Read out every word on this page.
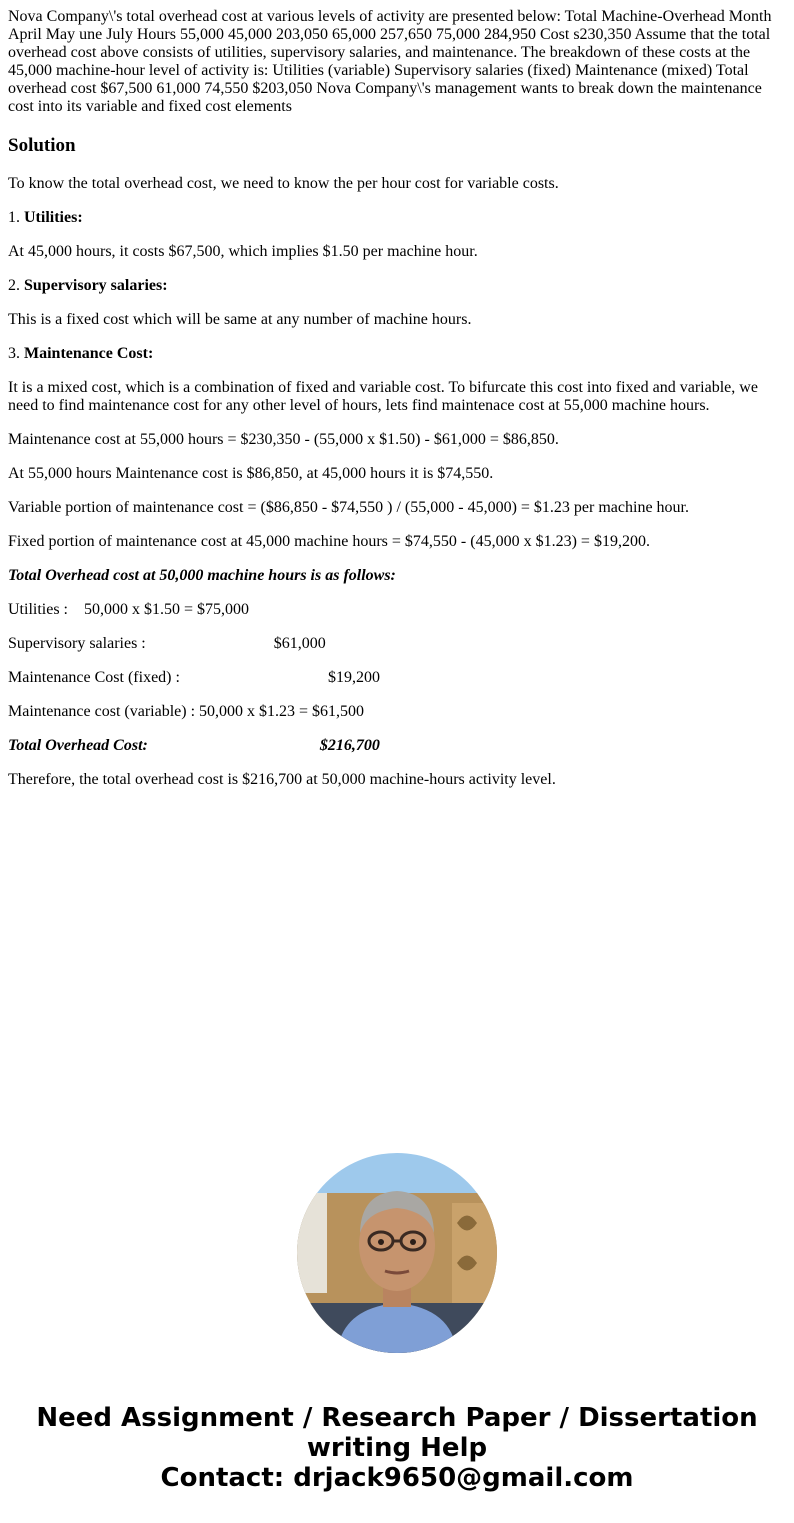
Nova Company\'s total overhead cost at various levels of activity are presented below: Total Machine-Overhead Month April May une July Hours 55,000 45,000 203,050 65,000 257,650 75,000 284,950 Cost s230,350 Assume that the total overhead cost above consists of utilities, supervisory salaries, and maintenance. The breakdown of these costs at the 45,000 machine-hour level of activity is: Utilities (variable) Supervisory salaries (fixed) Maintenance (mixed) Total overhead cost $67,500 61,000 74,550 $203,050 Nova Company\'s management wants to break down the maintenance cost into its variable and fixed cost elements

Solution

To know the total overhead cost, we need to know the per hour cost for variable costs.

1. Utilities:

At 45,000 hours, it costs $67,500, which implies $1.50 per machine hour.

2. Supervisory salaries:

This is a fixed cost which will be same at any number of machine hours.

3. Maintenance Cost:

It is a mixed cost, which is a combination of fixed and variable cost. To bifurcate this cost into fixed and variable, we need to find maintenance cost for any other level of hours, lets find maintenace cost at 55,000 machine hours.

Maintenance cost at 55,000 hours = $230,350 - (55,000 x $1.50) - $61,000 = $86,850.

At 55,000 hours Maintenance cost is $86,850, at 45,000 hours it is $74,550.

Variable portion of maintenance cost = ($86,850 - $74,550 ) / (55,000 - 45,000) = $1.23 per machine hour.

Fixed portion of maintenance cost at 45,000 machine hours = $74,550 - (45,000 x $1.23) = $19,200.

Total Overhead cost at 50,000 machine hours is as follows:

Utilities : 50,000 x $1.50 = $75,000

Supervisory salaries :	$61,000

Maintenance Cost (fixed) :	$19,200

Maintenance cost (variable) : 50,000 x $1.23 = $61,500

Total Overhead Cost:	$216,700

Therefore, the total overhead cost is $216,700 at 50,000 machine-hours activity level.

Need Assignment / Research Paper / Dissertation
writing Help
Contact: drjack9650@gmail.com
